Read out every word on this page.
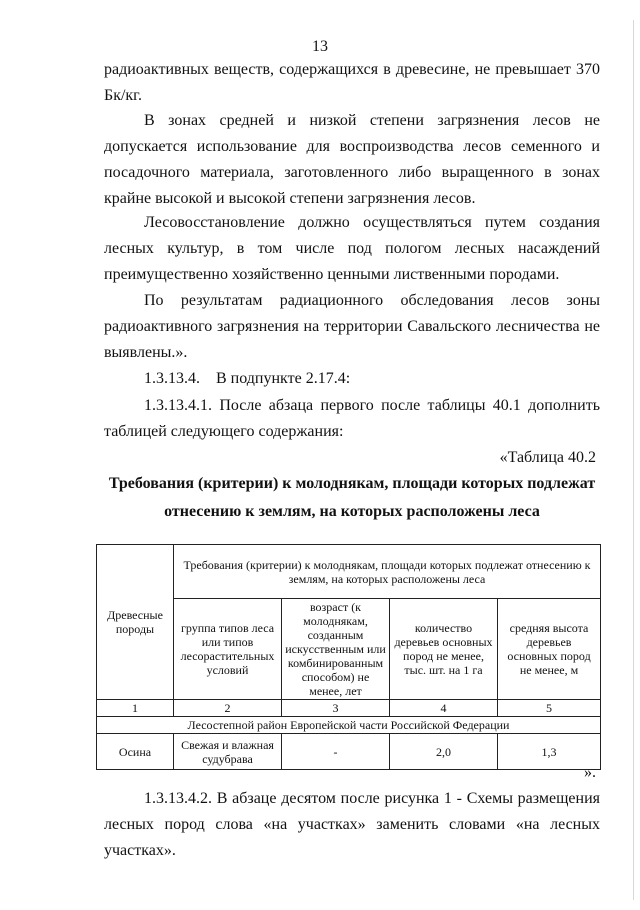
13
радиоактивных веществ, содержащихся в древесине, не превышает 370 Бк/кг.
В зонах средней и низкой степени загрязнения лесов не допускается использование для воспроизводства лесов семенного и посадочного материала, заготовленного либо выращенного в зонах крайне высокой и высокой степени загрязнения лесов.
Лесовосстановление должно осуществляться путем создания лесных культур, в том числе под пологом лесных насаждений преимущественно хозяйственно ценными лиственными породами.
По результатам радиационного обследования лесов зоны радиоактивного загрязнения на территории Савальского лесничества не выявлены.».
1.3.13.4.    В подпункте 2.17.4:
1.3.13.4.1. После абзаца первого после таблицы 40.1 дополнить таблицей следующего содержания:
«Таблица 40.2
Требования (критерии) к молоднякам, площади которых подлежат отнесению к землям, на которых расположены леса
Древесные породы	Требования (критерии) к молоднякам, площади которых подлежат отнесению к землям, на которых расположены леса			
	группа типов леса или типов лесорастительных условий	возраст (к молоднякам, созданным искусственным или комбинированным способом) не менее, лет	количество деревьев основных пород не менее, тыс. шт. на 1 га	средняя высота деревьев основных пород не менее, м
1	2	3	4	5
Лесостепной район Европейской части Российской Федерации				
Осина	Свежая и влажная судубрава	-	2,0	1,3
».
1.3.13.4.2. В абзаце десятом после рисунка 1 - Схемы размещения лесных пород слова «на участках» заменить словами «на лесных участках».
